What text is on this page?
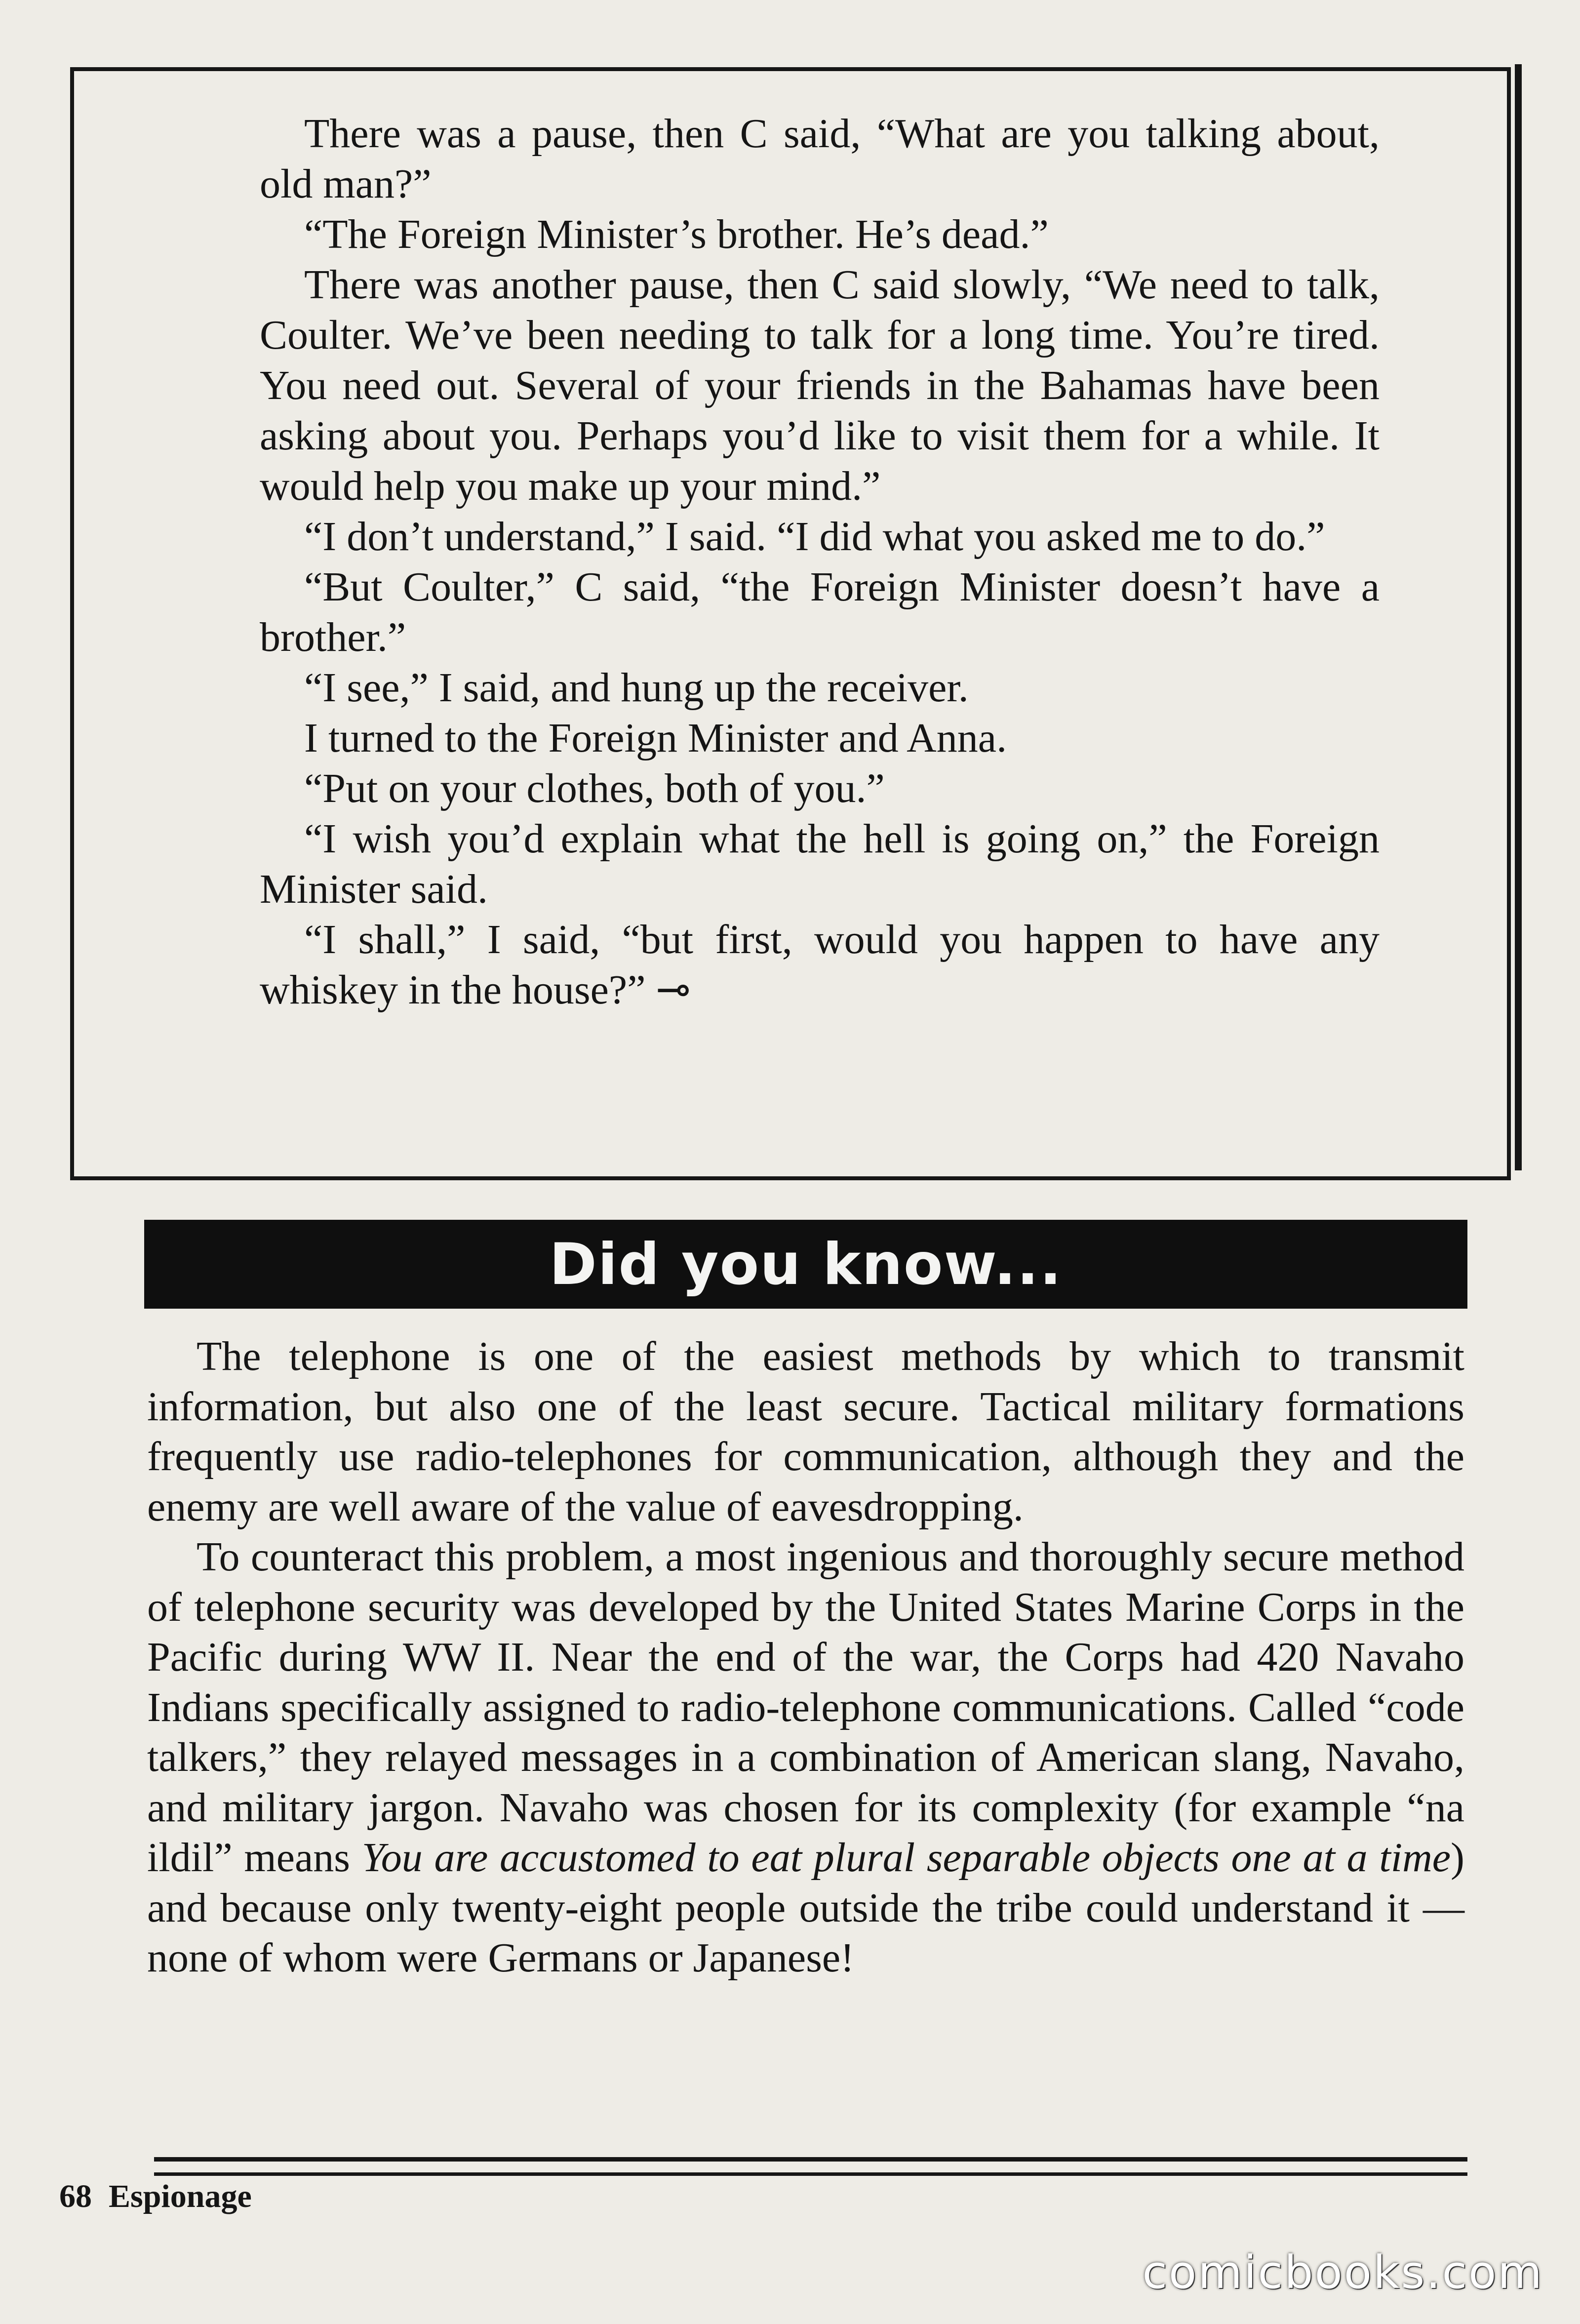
There was a pause, then C said, “What are you talking about, old man?”

“The Foreign Minister’s brother. He’s dead.”

There was another pause, then C said slowly, “We need to talk, Coulter. We’ve been needing to talk for a long time. You’re tired. You need out. Several of your friends in the Bahamas have been asking about you. Perhaps you’d like to visit them for a while. It would help you make up your mind.”

“I don’t understand,” I said. “I did what you asked me to do.”

“But Coulter,” C said, “the Foreign Minister doesn’t have a brother.”

“I see,” I said, and hung up the receiver.

I turned to the Foreign Minister and Anna.

“Put on your clothes, both of you.”

“I wish you’d explain what the hell is going on,” the Foreign Minister said.

“I shall,” I said, “but first, would you happen to have any whiskey in the house?” ⊸

Did you know...

The telephone is one of the easiest methods by which to transmit information, but also one of the least secure. Tactical military formations frequently use radio-telephones for communication, although they and the enemy are well aware of the value of eavesdropping.

To counteract this problem, a most ingenious and thoroughly secure method of telephone security was developed by the United States Marine Corps in the Pacific during WW II. Near the end of the war, the Corps had 420 Navaho Indians specifically assigned to radio-telephone communications. Called “code talkers,” they relayed messages in a combination of American slang, Navaho, and military jargon. Navaho was chosen for its complexity (for example “na ildil” means You are accustomed to eat plural separable objects one at a time) and because only twenty-eight people outside the tribe could understand it — none of whom were Germans or Japanese!

68 Espionage
comicbooks.com
